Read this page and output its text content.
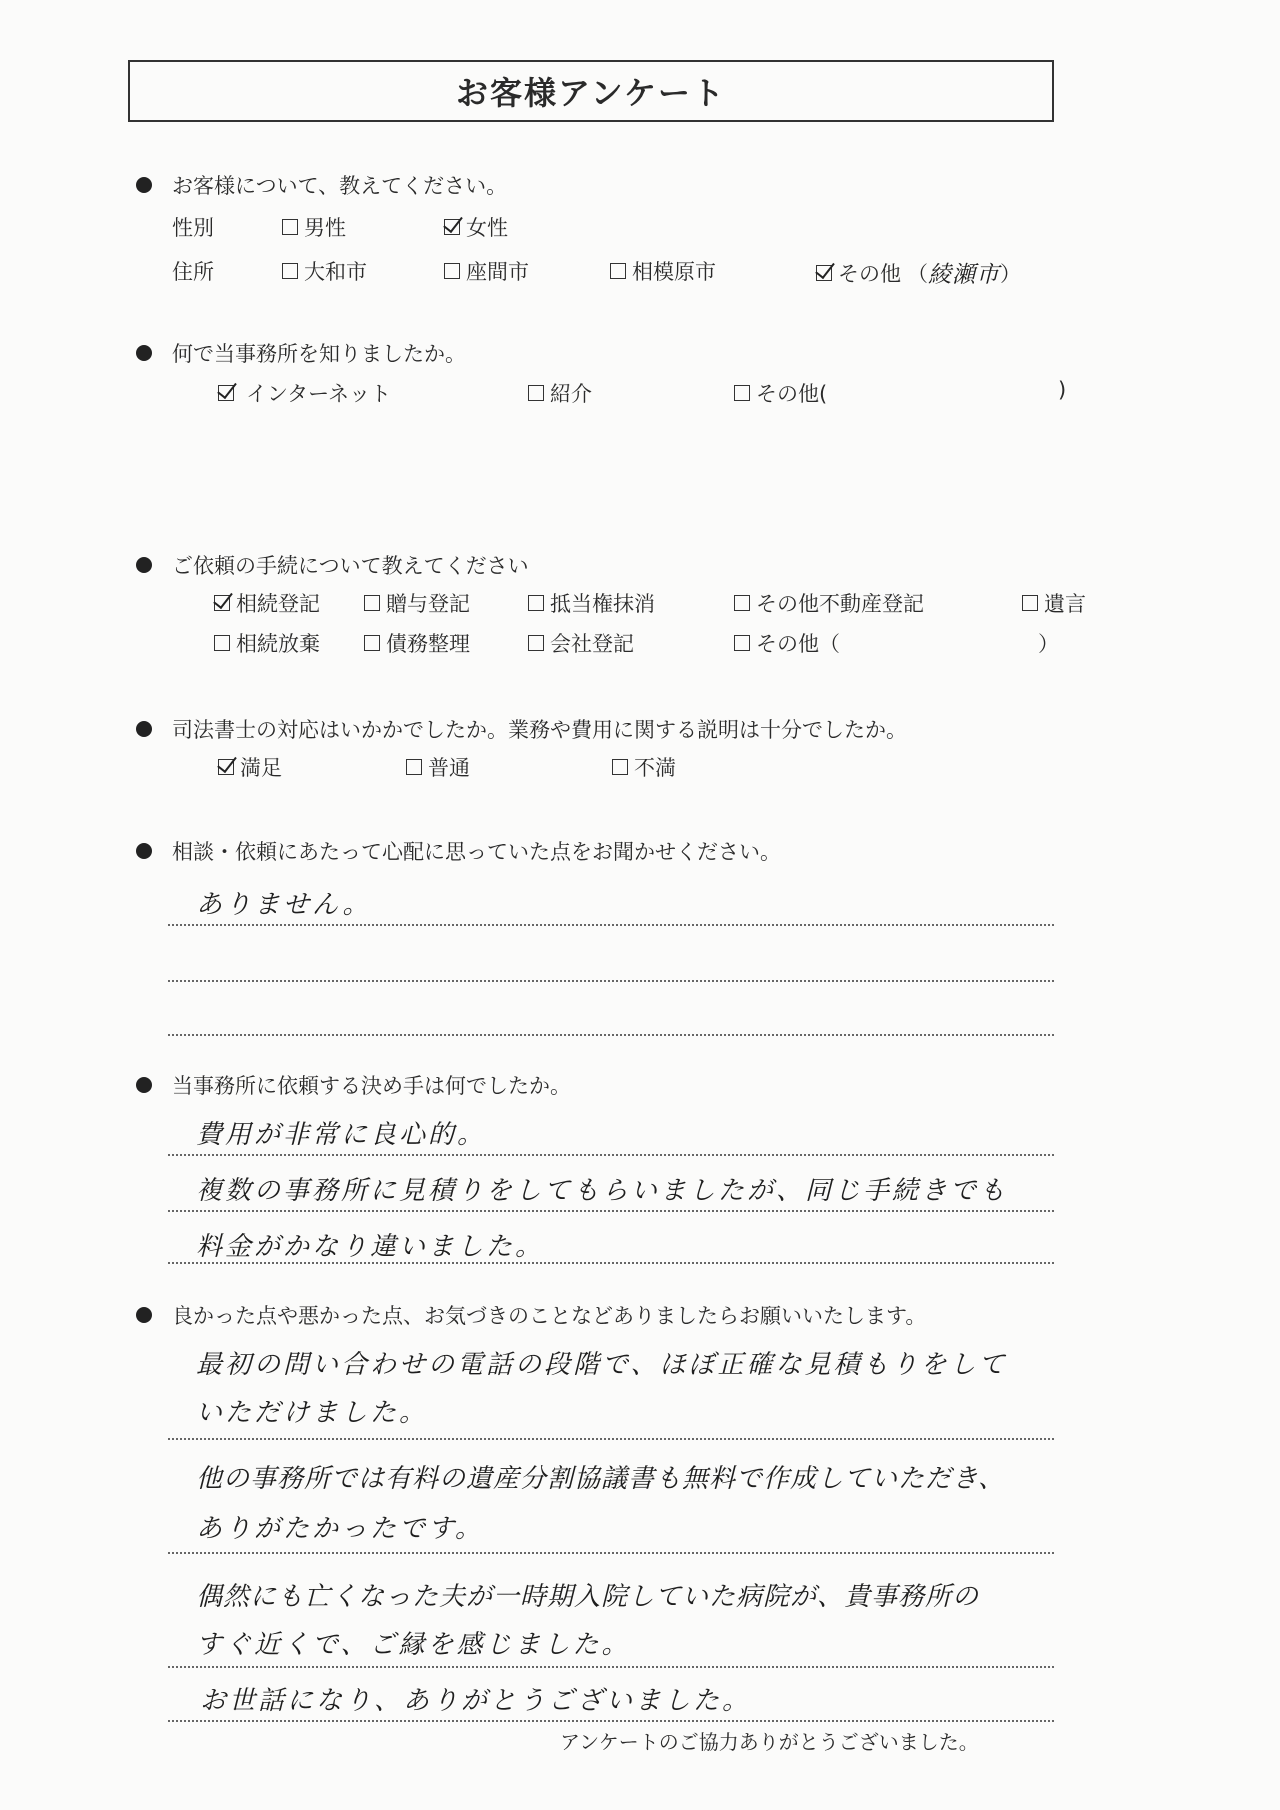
お客様アンケート
お客様について、教えてください。
性別	男性	女性
住所	大和市	座間市	相模原市	その他 （ 綾瀬市 ）
何で当事務所を知りましたか。
インターネット	紹介	その他(	)
ご依頼の手続について教えてください
相続登記	贈与登記	抵当権抹消	その他不動産登記	遺言
相続放棄	債務整理	会社登記	その他（	）
司法書士の対応はいかかでしたか。業務や費用に関する説明は十分でしたか。
満足	普通	不満
相談・依頼にあたって心配に思っていた点をお聞かせください。
ありません。
当事務所に依頼する決め手は何でしたか。
費用が非常に良心的。
複数の事務所に見積りをしてもらいましたが、同じ手続きでも
料金がかなり違いました。
良かった点や悪かった点、お気づきのことなどありましたらお願いいたします。
最初の問い合わせの電話の段階で、ほぼ正確な見積もりをして
いただけました。
他の事務所では有料の遺産分割協議書も無料で作成していただき、
ありがたかったです。
偶然にも亡くなった夫が一時期入院していた病院が、貴事務所の
すぐ近くで、ご縁を感じました。
お世話になり、ありがとうございました。
アンケートのご協力ありがとうございました。
